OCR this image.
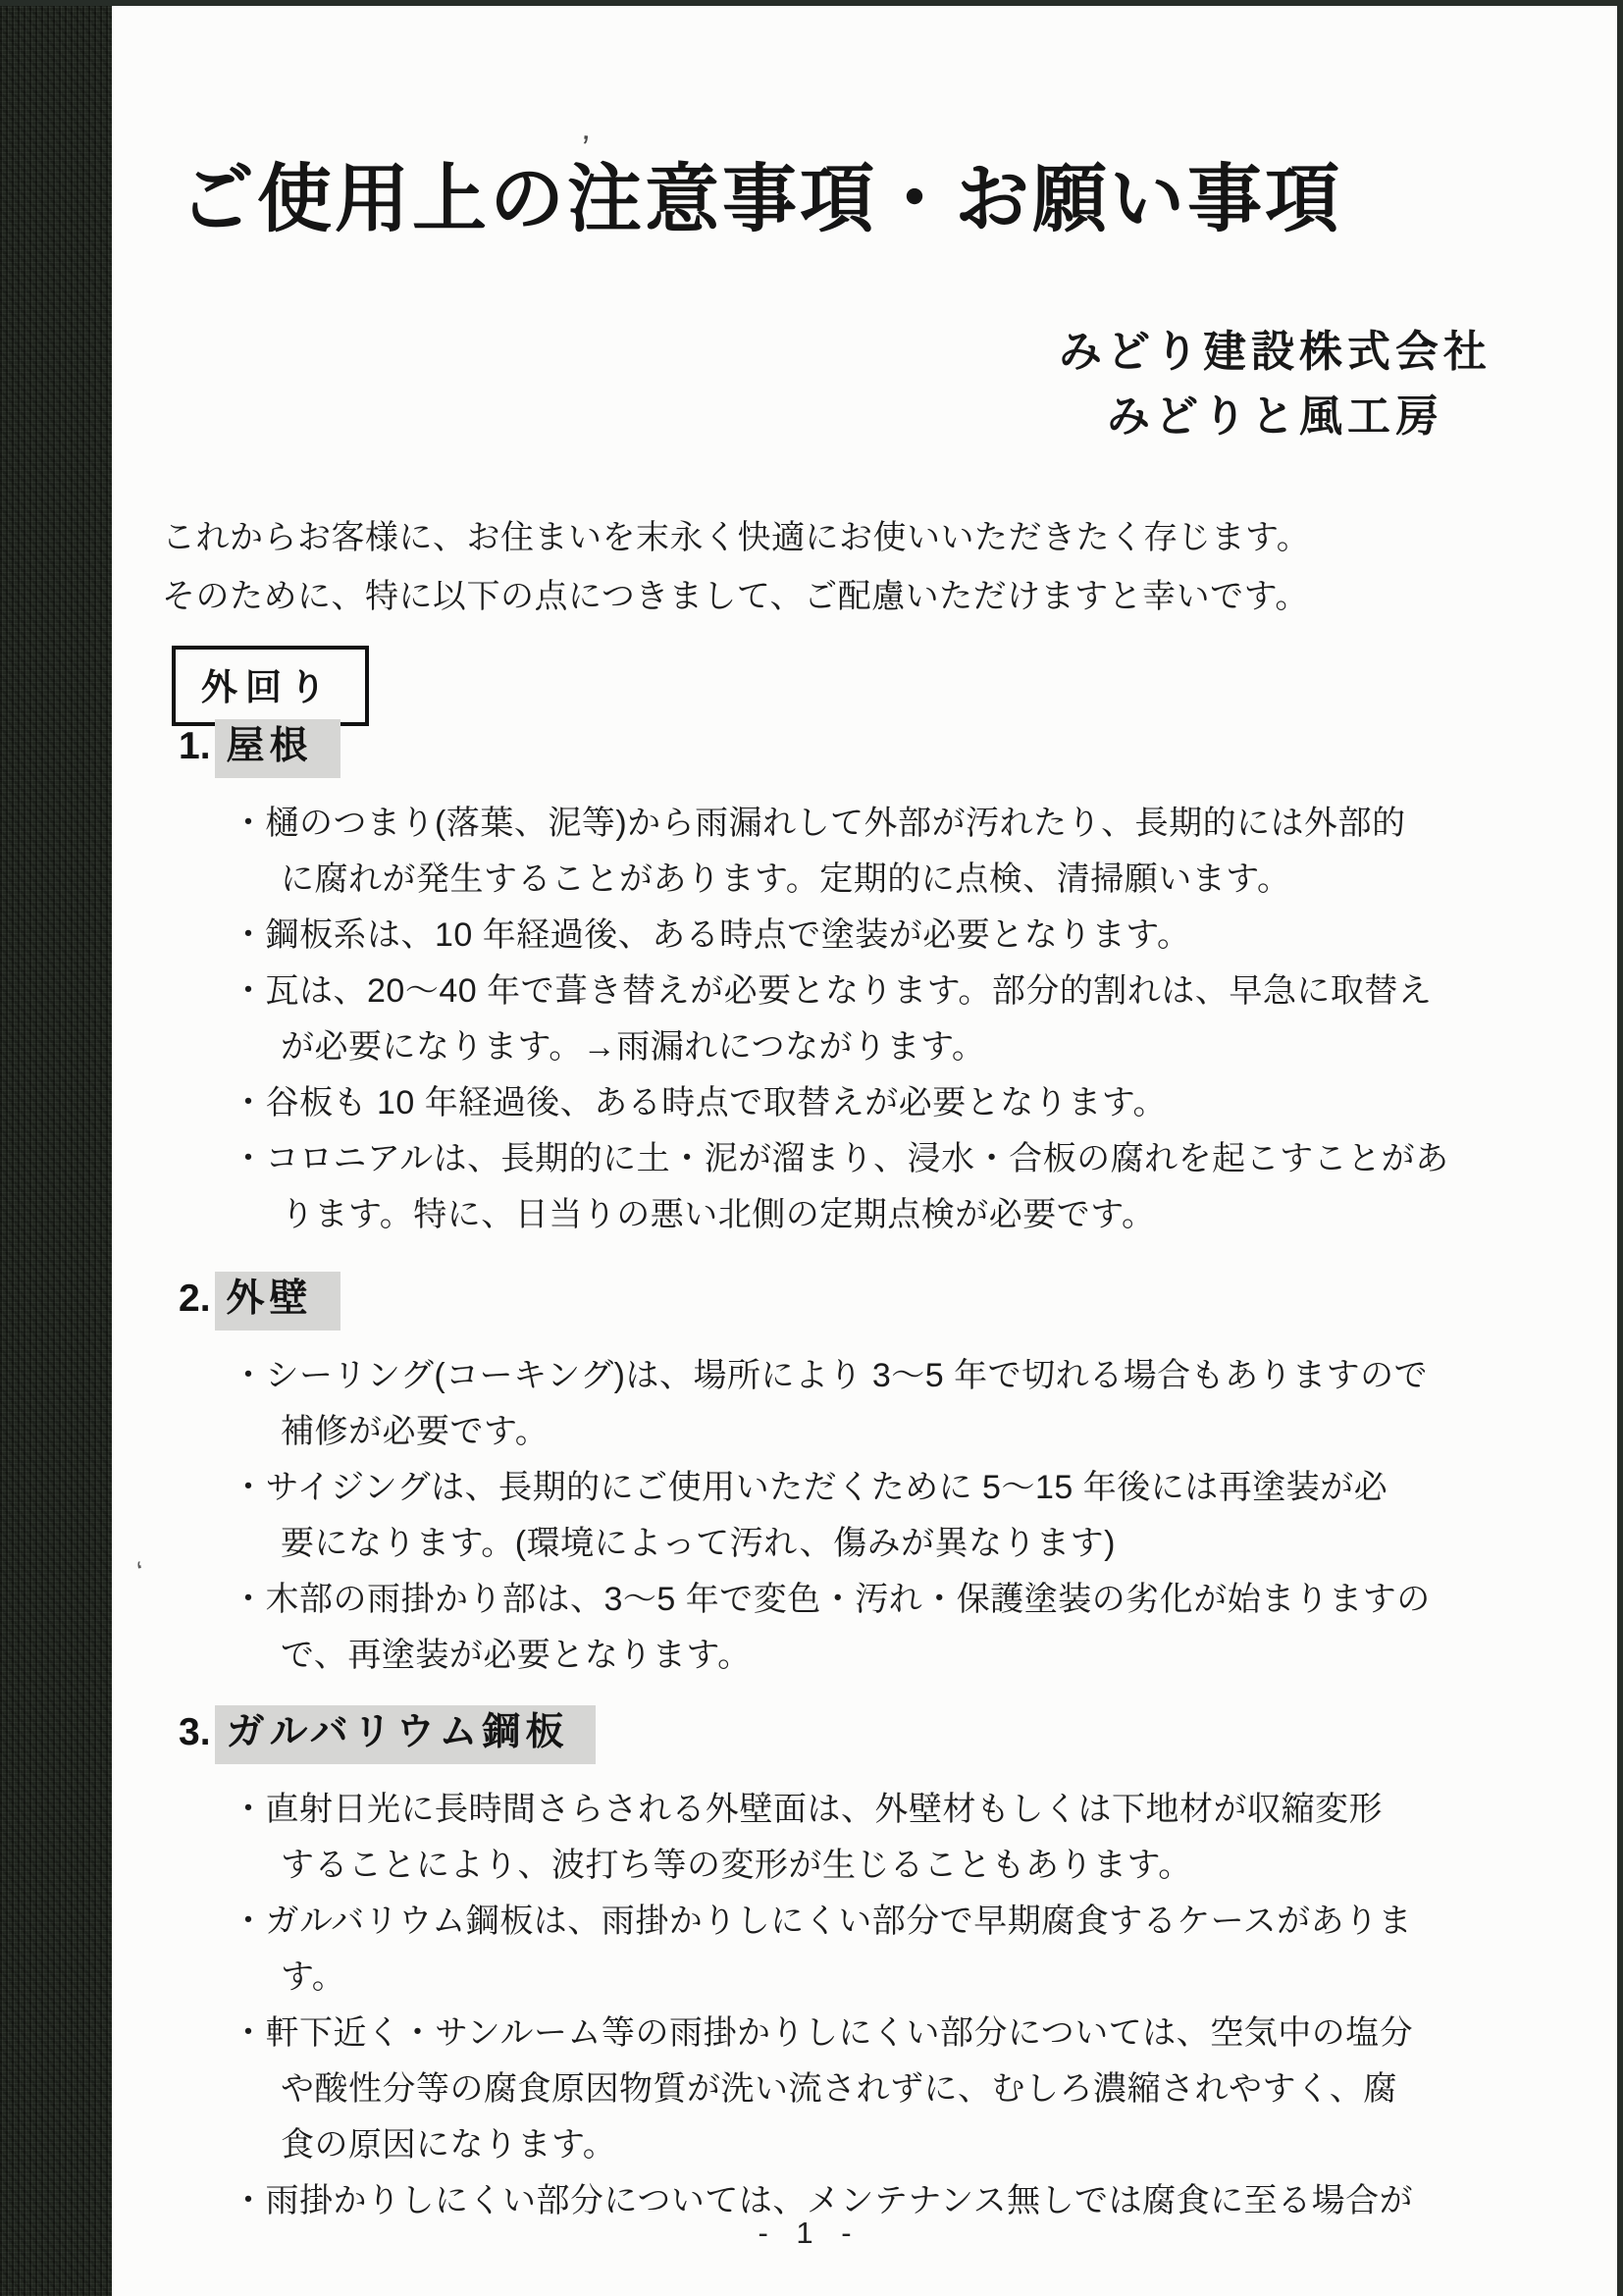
ご使用上の注意事項・お願い事項
みどり建設株式会社
みどりと風工房
これからお客様に、お住まいを末永く快適にお使いいただきたく存じます。
そのために、特に以下の点につきまして、ご配慮いただけますと幸いです。
外回り
1. 屋根
・樋のつまり(落葉、泥等)から雨漏れして外部が汚れたり、長期的には外部的
に腐れが発生することがあります。定期的に点検、清掃願います。
・鋼板系は、10 年経過後、ある時点で塗装が必要となります。
・瓦は、20〜40 年で葺き替えが必要となります。部分的割れは、早急に取替え
が必要になります。→雨漏れにつながります。
・谷板も 10 年経過後、ある時点で取替えが必要となります。
・コロニアルは、長期的に土・泥が溜まり、浸水・合板の腐れを起こすことがあ
ります。特に、日当りの悪い北側の定期点検が必要です。
2. 外壁
・シーリング(コーキング)は、場所により 3〜5 年で切れる場合もありますので
補修が必要です。
・サイジングは、長期的にご使用いただくために 5〜15 年後には再塗装が必
要になります。(環境によって汚れ、傷みが異なります)
・木部の雨掛かり部は、3〜5 年で変色・汚れ・保護塗装の劣化が始まりますの
で、再塗装が必要となります。
3. ガルバリウム鋼板
・直射日光に長時間さらされる外壁面は、外壁材もしくは下地材が収縮変形
することにより、波打ち等の変形が生じることもあります。
・ガルバリウム鋼板は、雨掛かりしにくい部分で早期腐食するケースがありま
す。
・軒下近く・サンルーム等の雨掛かりしにくい部分については、空気中の塩分
や酸性分等の腐食原因物質が洗い流されずに、むしろ濃縮されやすく、腐
食の原因になります。
・雨掛かりしにくい部分については、メンテナンス無しでは腐食に至る場合が
- 1 -
’
‘
